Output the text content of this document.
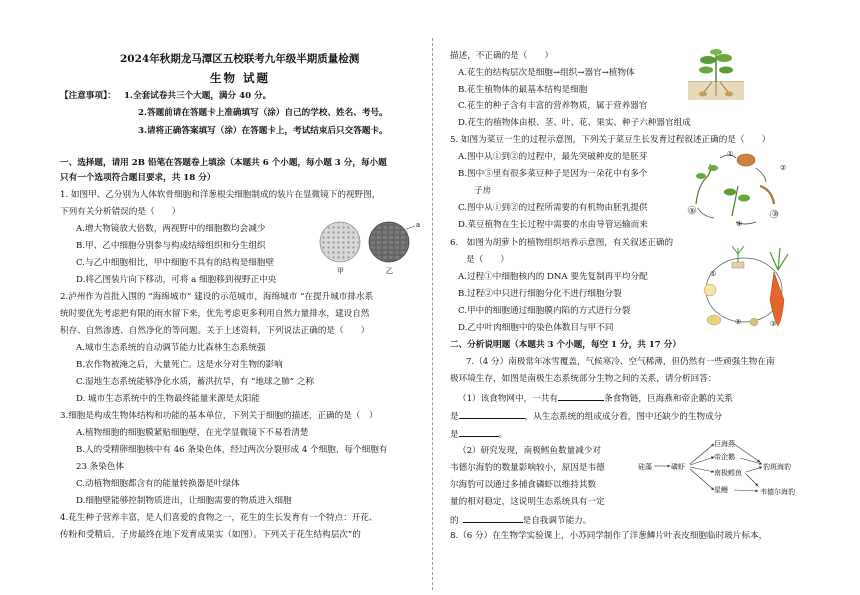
2024年秋期龙马潭区五校联考九年级半期质量检测
生物 试题
【注意事项】： 1.全套试卷共三个大题，满分 40 分。
2.答题前请在答题卡上准确填写（涂）自己的学校、姓名、考号。
3.请将正确答案填写（涂）在答题卡上，考试结束后只交答题卡。
一、选择题，请用 2B 铅笔在答题卷上填涂（本题共 6 个小题，每小题 3 分，每小题
只有一个选项符合题目要求，共 18 分）
1. 如图甲、乙分别为人体软骨细胞和洋葱根尖细胞制成的装片在显微镜下的视野图，
下列有关分析错误的是（　　）
A.增大物镜放大倍数，两视野中的细胞数均会减少
B.甲、乙中细胞分别参与构成结缔组织和分生组织
C.与乙中细胞相比，甲中细胞不具有的结构是细胞壁
D.将乙图装片向下移动，可将 a 细胞移到视野正中央
甲	乙
a
2.泸州作为首批入围的 “海绵城市” 建设的示范城市，海绵城市 “在提升城市排水系
统时要优先考虑把有限的雨水留下来，优先考虑更多利用自然力量排水，建设自然
积存、自然渗透、自然净化的等问题。关于上述资料，下列说法正确的是（　　）
A.城市生态系统的自动调节能力比森林生态系统强
B.农作物被淹之后，大量死亡。这是水分对生物的影响
C.湿地生态系统能够净化水质，蓄洪抗旱，有 “地球之肺” 之称
D. 城市生态系统中的生物最终能量来源是太阳能
3.细胞是构成生物体结构和功能的基本单位，下列关于细胞的描述，正确的是（　）
A.植物细胞的细胞膜紧贴细胞壁，在光学显微镜下不易看清楚
B.人的受精卵细胞核中有 46 条染色体，经过两次分裂形成 4 个细胞，每个细胞有
23 条染色体
C.动植物细胞都含有的能量转换器是叶绿体
D.细胞壁能够控制物质进出，让细胞需要的物质进入细胞
4.花生种子营养丰富，是人们喜爱的食物之一，花生的生长发育有一个特点：开花、
传粉和受精后，子房最终在地下发育成果实（如图）。下列关于花生结构层次”的
描述，不正确的是（　　）
A.花生的结构层次是细胞→组织→器官→植物体
B.花生植物体的最基本结构是细胞
C.花生的种子含有丰富的营养物质，属于营养器官
D.花生的植物体由根、茎、叶、花、果实、种子六种器官组成
5. 如图为菜豆一生的过程示意图，下列关于菜豆生长发育过程叙述正确的是（　　）
A.图中从①到②的过程中，最先突破种皮的是胚芽
B.图中⑤里有很多菜豆种子是因为一朵花中有多个
子房
C.图中从①到②的过程所需要的有机物由胚乳提供
D.菜豆植物在生长过程中需要的水由导管运输而来
①
②
③
④
⑤
6.　如图为胡萝卜的植物组织培养示意图，有关叙述正确的
是（　　）
A.过程①中细胞核内的 DNA 要先复制再平均分配
B.过程②中只进行细胞分化不进行细胞分裂
C.甲中的细胞通过细胞膜内陷的方式进行分裂
D.乙中叶肉细胞中的染色体数目与甲不同
①
②	③
二、分析说明题（本题共 3 个小题，每空 1 分，共 17 分）
7.（4 分）南极常年冰雪覆盖，气候寒冷、空气稀薄，但仍然有一些顽强生物在南
极环境生存，如图是南极生态系统部分生物之间的关系，请分析回答：
（1）该食物网中，一共有	条食物链，巨海燕和帝企鹅的关系
是	，从生态系统的组成成分看，图中还缺少的生物成分
是	。
（2）研究发现，南极鳕鱼数量减少对
韦德尔海豹的数量影响较小，原因是韦德
尔海豹可以通过多捕食磷虾以维持其数
量的相对稳定，这说明生态系统具有一定
的	是自我调节能力。
硅藻	磷虾
巨海燕
帝企鹅
南极鳕鱼
豹斑海豹
星鳗	韦德尔海豹
8.（6 分）在生物学实验课上，小苏同学制作了洋葱鳞片叶表皮细胞临时玻片标本，
